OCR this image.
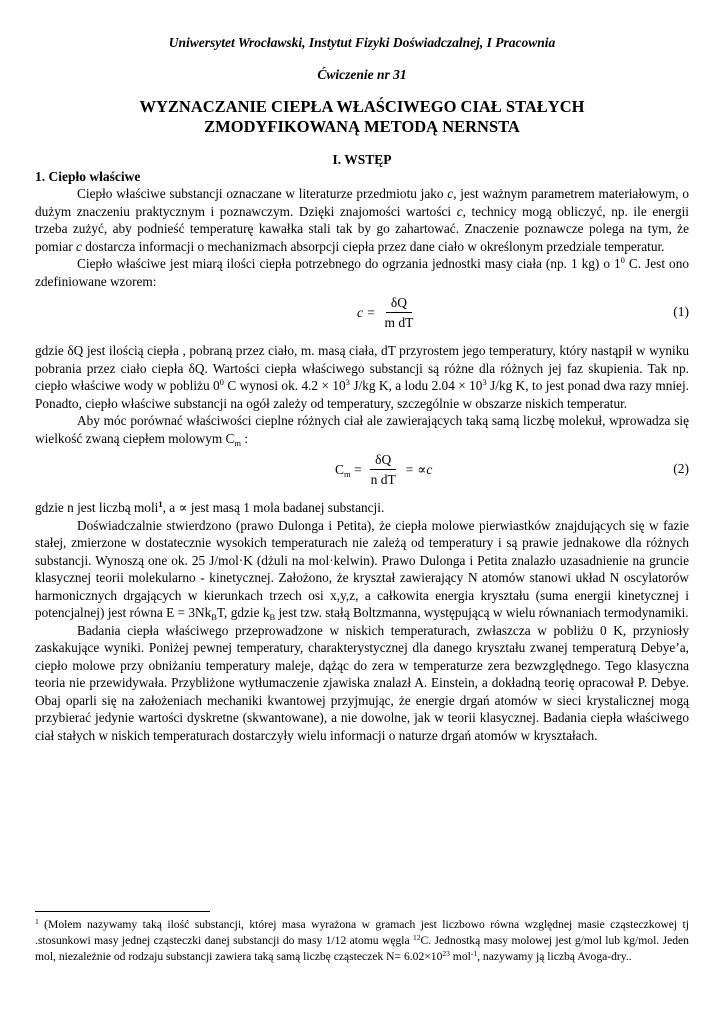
Uniwersytet Wrocławski, Instytut Fizyki Doświadczalnej, I Pracownia

Ćwiczenie nr 31

WYZNACZANIE CIEPŁA WŁAŚCIWEGO CIAŁ STAŁYCH
ZMODYFIKOWANĄ METODĄ NERNSTA
I. WSTĘP
1. Ciepło właściwe

Ciepło właściwe substancji oznaczane w literaturze przedmiotu jako c, jest ważnym parametrem materiałowym, o dużym znaczeniu praktycznym i poznawczym. Dzięki znajomości wartości c, technicy mogą obliczyć, np. ile energii trzeba zużyć, aby podnieść temperaturę kawałka stali tak by go zahartować. Znaczenie poznawcze polega na tym, że pomiar c dostarcza informacji o mechanizmach absorpcji ciepła przez dane ciało w określonym przedziale temperatur.

Ciepło właściwe jest miarą ilości ciepła potrzebnego do ogrzania jednostki masy ciała (np. 1 kg) o $1^0$ C. Jest ono zdefiniowane wzorem:

$c = \frac{\delta Q}{\text{m dT}}$	(1)

gdzie δQ jest ilością ciepła , pobraną przez ciało, m. masą ciała, dT przyrostem jego temperatury, który nastąpił w wyniku pobrania przez ciało ciepła δQ. Wartości ciepła właściwego substancji są różne dla różnych jej faz skupienia. Tak np. ciepło właściwe wody w pobliżu $0^0$ C wynosi ok. $4.2 \times 10^3$ J/kg K, a lodu $2.04 \times 10^3$ J/kg K, to jest ponad dwa razy mniej. Ponadto, ciepło właściwe substancji na ogół zależy od temperatury, szczególnie w obszarze niskich temperatur.

Aby móc porównać właściwości cieplne różnych ciał ale zawierających taką samą liczbę molekuł, wprowadza się wielkość zwaną ciepłem molowym $C_m$ :

$C_m = \frac{\delta Q}{\text{n dT}} = \propto c$	(2)

gdzie n jest liczbą moli$^1$, a ∝ jest masą 1 mola badanej substancji.

Doświadczalnie stwierdzono (prawo Dulonga i Petita), że ciepła molowe pierwiastków znajdujących się w fazie stałej, zmierzone w dostatecznie wysokich temperaturach nie zależą od temperatury i są prawie jednakowe dla różnych substancji. Wynoszą one ok. 25 J/mol·K (dżuli na mol·kelwin). Prawo Dulonga i Petita znalazło uzasadnienie na gruncie klasycznej teorii molekularno - kinetycznej. Założono, że kryształ zawierający N atomów stanowi układ N oscylatorów harmonicznych drgających w kierunkach trzech osi x,y,z, a całkowita energia kryształu (suma energii kinetycznej i potencjalnej) jest równa $E = 3Nk_BT$, gdzie $k_B$ jest tzw. stałą Boltzmanna, występującą w wielu równaniach termodynamiki.

Badania ciepła właściwego przeprowadzone w niskich temperaturach, zwłaszcza w pobliżu 0 K, przyniosły zaskakujące wyniki. Poniżej pewnej temperatury, charakterystycznej dla danego kryształu zwanej temperaturą Debye’a, ciepło molowe przy obniżaniu temperatury maleje, dążąc do zera w temperaturze zera bezwzględnego. Tego klasyczna teoria nie przewidywała. Przybliżone wytłumaczenie zjawiska znalazł A. Einstein, a dokładną teorię opracował P. Debye. Obaj oparli się na założeniach mechaniki kwantowej przyjmując, że energie drgań atomów w sieci krystalicznej mogą przybierać jedynie wartości dyskretne (skwantowane), a nie dowolne, jak w teorii klasycznej. Badania ciepła właściwego ciał stałych w niskich temperaturach dostarczyły wielu informacji o naturze drgań atomów w kryształach.

$^1$ (Molem nazywamy taką ilość substancji, której masa wyrażona w gramach jest liczbowo równa względnej masie cząsteczkowej tj .stosunkowi masy jednej cząsteczki danej substancji do masy 1/12 atomu węgla $^{12}$C. Jednostką masy molowej jest g/mol lub kg/mol. Jeden mol, niezależnie od rodzaju substancji zawiera taką samą liczbę cząsteczek $N= 6.02\times 10^{23}$ mol$^{-1}$, nazywamy ją liczbą Avoga-dry..
